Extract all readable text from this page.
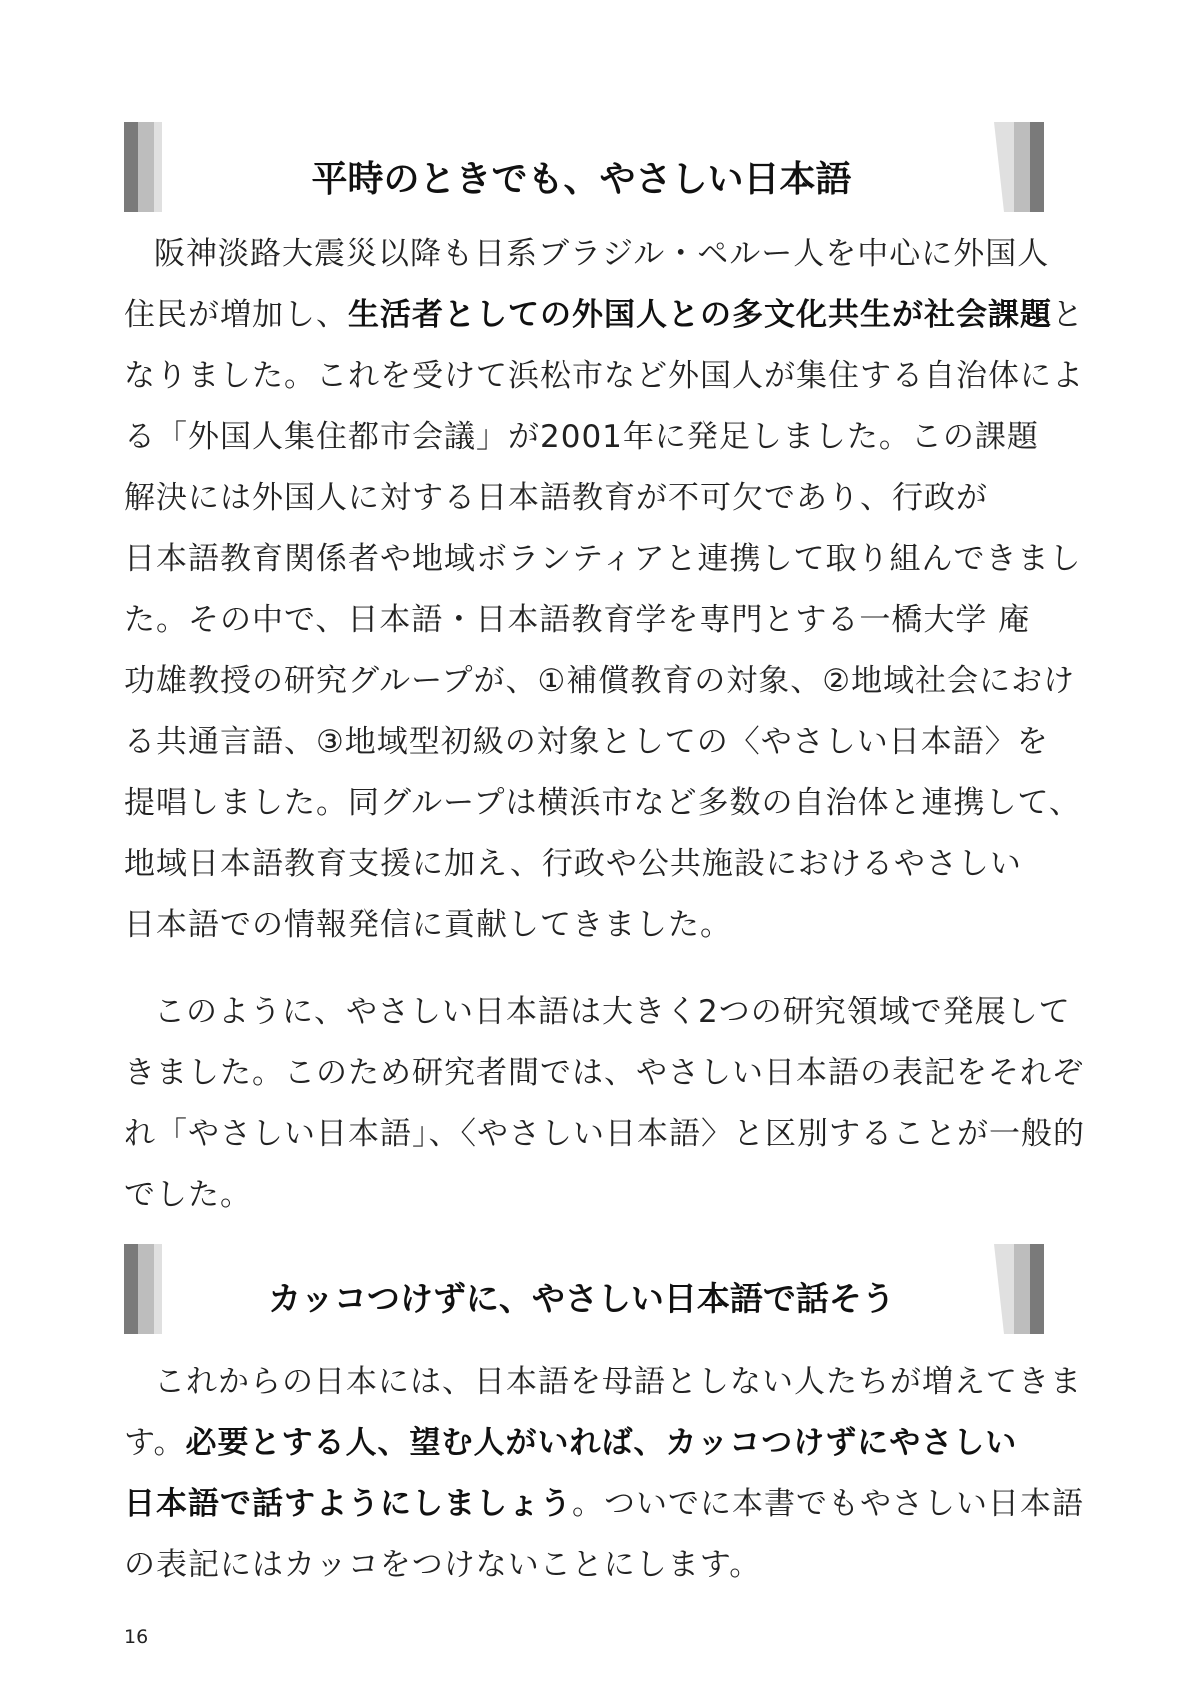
平時のときでも、やさしい日本語
阪神淡路大震災以降も日系ブラジル・ペルー人を中心に外国人
住民が増加し、生活者としての外国人との多文化共生が社会課題と
なりました。これを受けて浜松市など外国人が集住する自治体によ
る「外国人集住都市会議」が2001年に発足しました。この課題
解決には外国人に対する日本語教育が不可欠であり、行政が
日本語教育関係者や地域ボランティアと連携して取り組んできまし
た。その中で、日本語・日本語教育学を専門とする一橋大学 庵
功雄教授の研究グループが、①補償教育の対象、②地域社会におけ
る共通言語、③地域型初級の対象としての〈やさしい日本語〉を
提唱しました。同グループは横浜市など多数の自治体と連携して、
地域日本語教育支援に加え、行政や公共施設におけるやさしい
日本語での情報発信に貢献してきました。
このように、やさしい日本語は大きく2つの研究領域で発展して
きました。このため研究者間では、やさしい日本語の表記をそれぞ
れ「やさしい日本語」、〈やさしい日本語〉と区別することが一般的
でした。
カッコつけずに、やさしい日本語で話そう
これからの日本には、日本語を母語としない人たちが増えてきま
す。必要とする人、望む人がいれば、カッコつけずにやさしい
日本語で話すようにしましょう。ついでに本書でもやさしい日本語
の表記にはカッコをつけないことにします。
16
